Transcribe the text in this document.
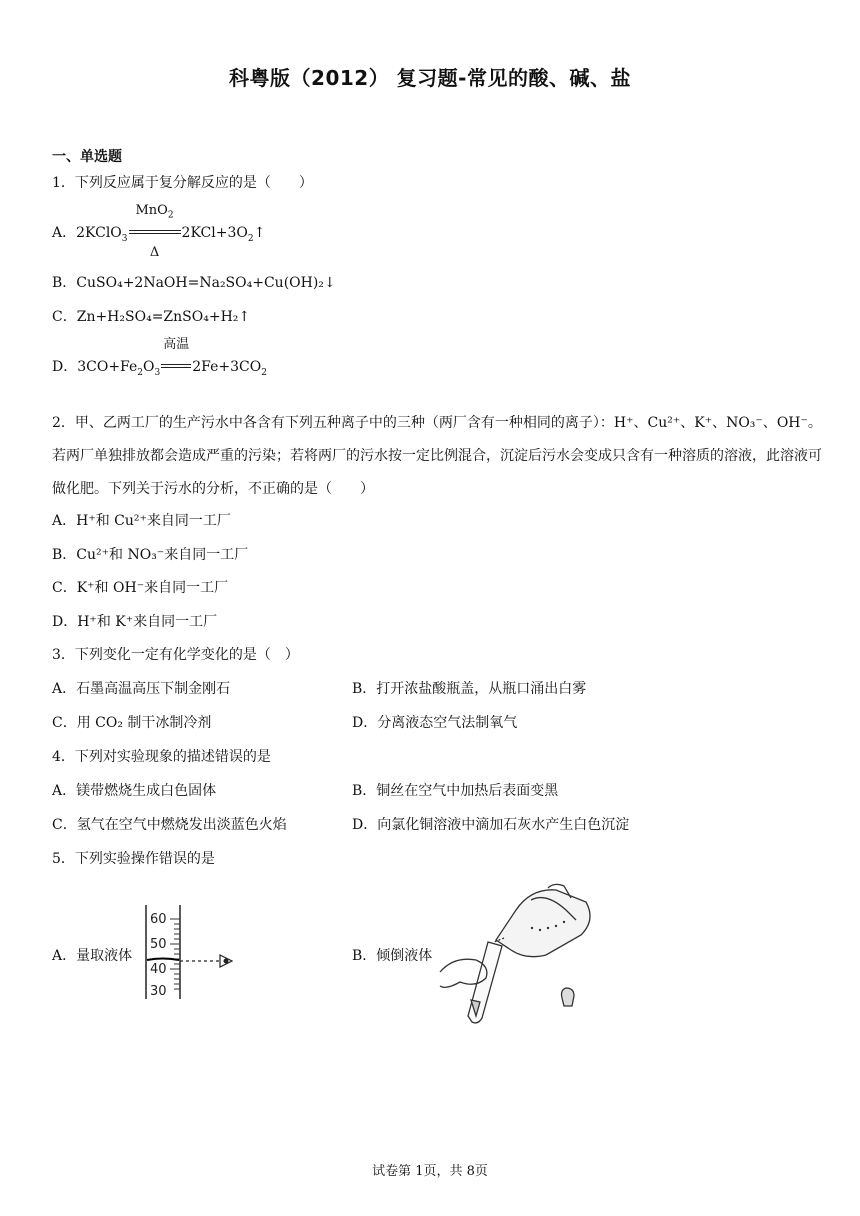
科粤版（2012） 复习题-常见的酸、碱、盐
一、单选题
1．下列反应属于复分解反应的是（　　）
A．2KClO$_3$
MnO$_2$
Δ
$2KCl+3O_2↑$
B．CuSO₄+2NaOH=Na₂SO₄+Cu(OH)₂↓
C．Zn+H₂SO₄=ZnSO₄+H₂↑
D．$3CO+Fe_2O_3$
高温
$2Fe+3CO_2$
2．甲、乙两工厂的生产污水中各含有下列五种离子中的三种（两厂含有一种相同的离子）：H⁺、Cu²⁺、K⁺、NO₃⁻、OH⁻。若两厂单独排放都会造成严重的污染；若将两厂的污水按一定比例混合，沉淀后污水会变成只含有一种溶质的溶液，此溶液可做化肥。下列关于污水的分析，不正确的是（　　）
A．H⁺和 Cu²⁺来自同一工厂
B．Cu²⁺和 NO₃⁻来自同一工厂
C．K⁺和 OH⁻来自同一工厂
D．H⁺和 K⁺来自同一工厂
3．下列变化一定有化学变化的是（　）
A．石墨高温高压下制金刚石	B．打开浓盐酸瓶盖，从瓶口涌出白雾
C．用 CO₂ 制干冰制冷剂	D．分离液态空气法制氧气
4．下列对实验现象的描述错误的是
A．镁带燃烧生成白色固体	B．铜丝在空气中加热后表面变黑
C．氢气在空气中燃烧发出淡蓝色火焰	D．向氯化铜溶液中滴加石灰水产生白色沉淀
5．下列实验操作错误的是
A．量取液体	B．倾倒液体
60
50
40
30
试卷第 1页，共 8页
